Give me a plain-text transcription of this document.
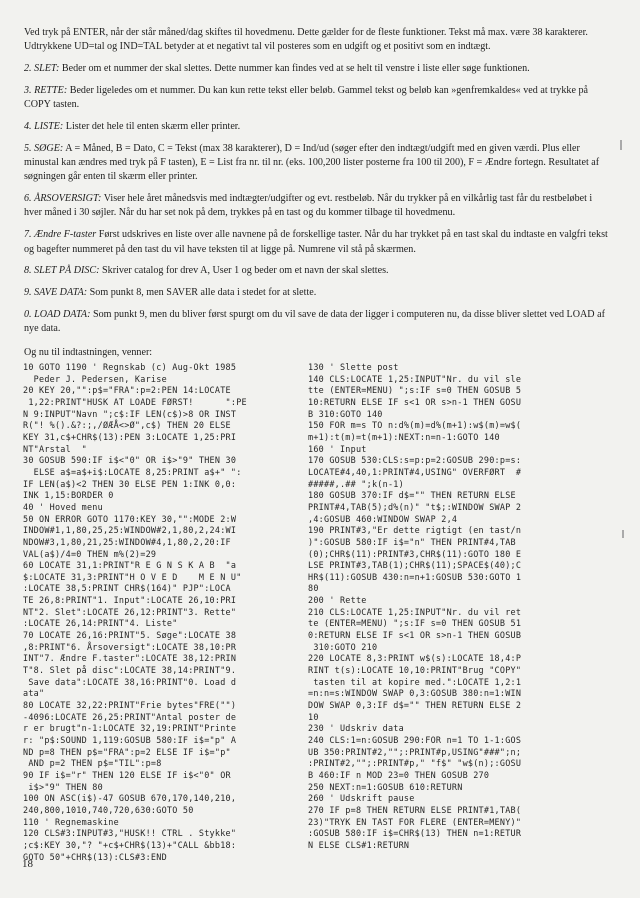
Ved tryk på ENTER, når der står måned/dag skiftes til hovedmenu. Dette gælder for de fleste funktioner. Tekst må max. være 38 karakterer. Udtrykkene UD=tal og IND=TAL betyder at et negativt tal vil posteres som en udgift og et positivt som en indtægt.

2. SLET: Beder om et nummer der skal slettes. Dette nummer kan findes ved at se helt til venstre i liste eller søge funktionen.

3. RETTE: Beder ligeledes om et nummer. Du kan kun rette tekst eller beløb. Gammel tekst og beløb kan »genfremkaldes« ved at trykke på COPY tasten.

4. LISTE: Lister det hele til enten skærm eller printer.

5. SØGE: A = Måned, B = Dato, C = Tekst (max 38 karakterer), D = Ind/ud (søger efter den indtægt/udgift med en given værdi. Plus eller minustal kan ændres med tryk på F tasten), E = List fra nr. til nr. (eks. 100,200 lister posterne fra 100 til 200), F = Ændre fortegn. Resultatet af søgningen går enten til skærm eller printer.

6. ÅRSOVERSIGT: Viser hele året månedsvis med indtægter/udgifter og evt. restbeløb. Når du trykker på en vilkårlig tast får du restbeløbet i hver måned i 30 søjler. Når du har set nok på dem, trykkes på en tast og du kommer tilbage til hovedmenu.

7. Ændre F-taster Først udskrives en liste over alle navnene på de forskellige taster. Når du har trykket på en tast skal du indtaste en valgfri tekst og bagefter nummeret på den tast du vil have teksten til at ligge på. Numrene vil stå på skærmen.

8. SLET PÅ DISC: Skriver catalog for drev A, User 1 og beder om et navn der skal slettes.

9. SAVE DATA: Som punkt 8, men SAVER alle data i stedet for at slette.

0. LOAD DATA: Som punkt 9, men du bliver først spurgt om du vil save de data der ligger i computeren nu, da disse bliver slettet ved LOAD af nye data.

Og nu til indtastningen, venner:

10 GOTO 1190 ' Regnskab (c) Aug-Okt 1985
Peder J. Pedersen, Karise
20 KEY 20,"":p$="FRA":p=2:PEN 14:LOCATE
1,22:PRINT"HUSK AT LOADE FØRST!      ":PE
N 9:INPUT"Navn ";c$:IF LEN(c$)>8 OR INST
R("! %().&?:;,/ØÆÅ<>Ø",c$) THEN 20 ELSE
KEY 31,c$+CHR$(13):PEN 3:LOCATE 1,25:PRI
NT"Arstal  "
30 GOSUB 590:IF i$<"0" OR i$>"9" THEN 30
ELSE a$=a$+i$:LOCATE 8,25:PRINT a$+" ":
IF LEN(a$)<2 THEN 30 ELSE PEN 1:INK 0,0:
INK 1,15:BORDER 0
40 ' Hoved menu
50 ON ERROR GOTO 1170:KEY 30,"":MODE 2:W
INDOW#1,1,80,25,25:WINDOW#2,1,80,2,24:WI
NDOW#3,1,80,21,25:WINDOW#4,1,80,2,20:IF
VAL(a$)/4=0 THEN m%(2)=29
60 LOCATE 31,1:PRINT"R E G N S K A B  "a
$:LOCATE 31,3:PRINT"H O V E D    M E N U"
:LOCATE 38,5:PRINT CHR$(164)" PJP":LOCA
TE 26,8:PRINT"1. Input":LOCATE 26,10:PRI
NT"2. Slet":LOCATE 26,12:PRINT"3. Rette"
:LOCATE 26,14:PRINT"4. Liste"
70 LOCATE 26,16:PRINT"5. Søge":LOCATE 38
,8:PRINT"6. Årsoversigt":LOCATE 38,10:PR
INT"7. Ændre F.taster":LOCATE 38,12:PRIN
T"8. Slet på disc":LOCATE 38,14:PRINT"9.
Save data":LOCATE 38,16:PRINT"0. Load d
ata"
80 LOCATE 32,22:PRINT"Frie bytes"FRE("")
-4096:LOCATE 26,25:PRINT"Antal poster de
r er brugt"n-1:LOCATE 32,19:PRINT"Printe
r: "p$:SOUND 1,119:GOSUB 580:IF i$="p" A
ND p=8 THEN p$="FRA":p=2 ELSE IF i$="p"
AND p=2 THEN p$="TIL":p=8
90 IF i$="r" THEN 120 ELSE IF i$<"0" OR
i$>"9" THEN 80
100 ON ASC(i$)-47 GOSUB 670,170,140,210,
240,800,1010,740,720,630:GOTO 50
110 ' Regnemaskine
120 CLS#3:INPUT#3,"HUSK!! CTRL . Stykke"
;c$:KEY 30,"? "+c$+CHR$(13)+"CALL &bb18:
GOTO 50"+CHR$(13):CLS#3:END
130 ' Slette post
140 CLS:LOCATE 1,25:INPUT"Nr. du vil sle
tte (ENTER=MENU) ";s:IF s=0 THEN GOSUB 5
10:RETURN ELSE IF s<1 OR s>n-1 THEN GOSU
B 310:GOTO 140
150 FOR m=s TO n:d%(m)=d%(m+1):w$(m)=w$(
m+1):t(m)=t(m+1):NEXT:n=n-1:GOTO 140
160 ' Input
170 GOSUB 530:CLS:s=p:p=2:GOSUB 290:p=s:
LOCATE#4,40,1:PRINT#4,USING" OVERFØRT  #
#####,.## ";k(n-1)
180 GOSUB 370:IF d$="" THEN RETURN ELSE
PRINT#4,TAB(5);d%(n)" "t$;:WINDOW SWAP 2
,4:GOSUB 460:WINDOW SWAP 2,4
190 PRINT#3,"Er dette rigtigt (en tast/n
)":GOSUB 580:IF i$="n" THEN PRINT#4,TAB
(0);CHR$(11):PRINT#3,CHR$(11):GOTO 180 E
LSE PRINT#3,TAB(1);CHR$(11);SPACE$(40);C
HR$(11):GOSUB 430:n=n+1:GOSUB 530:GOTO 1
80
200 ' Rette
210 CLS:LOCATE 1,25:INPUT"Nr. du vil ret
te (ENTER=MENU) ";s:IF s=0 THEN GOSUB 51
0:RETURN ELSE IF s<1 OR s>n-1 THEN GOSUB
310:GOTO 210
220 LOCATE 8,3:PRINT w$(s):LOCATE 18,4:P
RINT t(s):LOCATE 10,10:PRINT"Brug "COPY"
tasten til at kopire med.":LOCATE 1,2:1
=n:n=s:WINDOW SWAP 0,3:GOSUB 380:n=1:WIN
DOW SWAP 0,3:IF d$="" THEN RETURN ELSE 2
10
230 ' Udskriv data
240 CLS:1=n:GOSUB 290:FOR n=1 TO 1-1:GOS
UB 350:PRINT#2,"";:PRINT#p,USING"###";n;
:PRINT#2,"";:PRINT#p," "f$" "w$(n);:GOSU
B 460:IF n MOD 23=0 THEN GOSUB 270
250 NEXT:n=1:GOSUB 610:RETURN
260 ' Udskrift pause
270 IF p=8 THEN RETURN ELSE PRINT#1,TAB(
23)"TRYK EN TAST FOR FLERE (ENTER=MENY)"
:GOSUB 580:IF i$=CHR$(13) THEN n=1:RETUR
N ELSE CLS#1:RETURN
18
